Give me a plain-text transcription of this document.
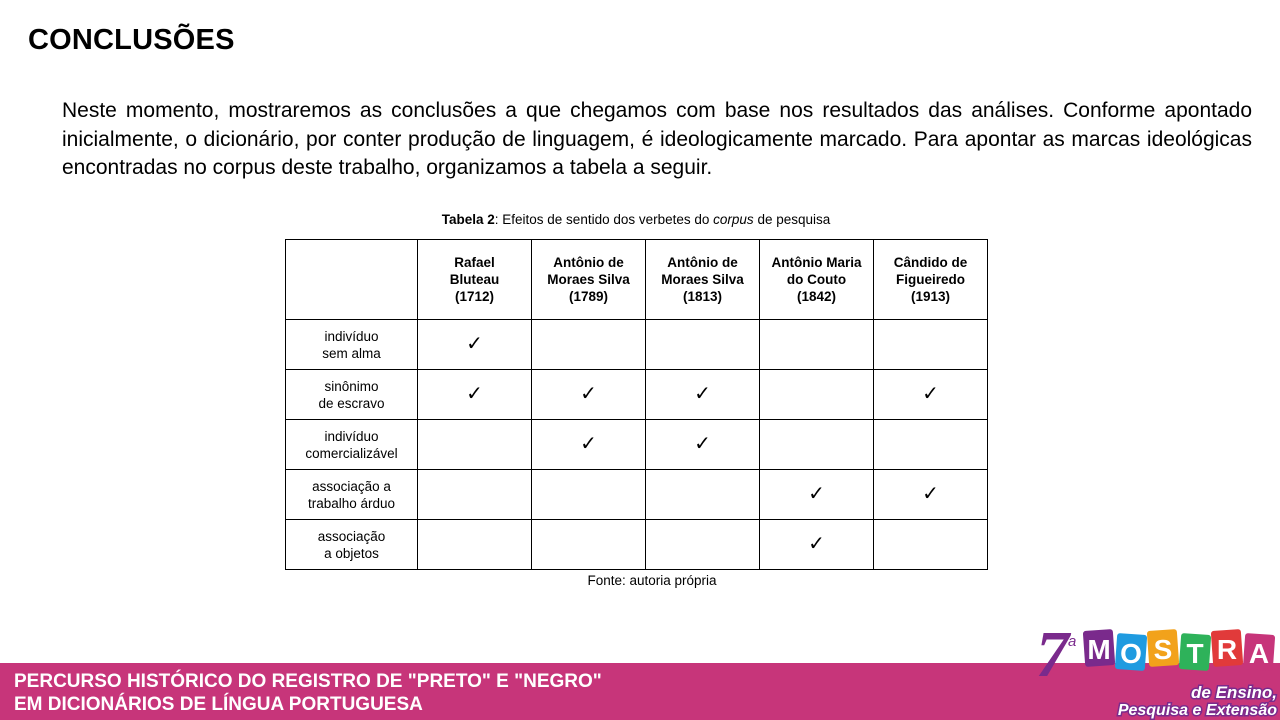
CONCLUSÕES
Neste momento, mostraremos as conclusões a que chegamos com base nos resultados das análises. Conforme apontado inicialmente, o dicionário, por conter produção de linguagem, é ideologicamente marcado. Para apontar as marcas ideológicas encontradas no corpus deste trabalho, organizamos a tabela a seguir.
Tabela 2: Efeitos de sentido dos verbetes do corpus de pesquisa
	Rafael
Bluteau
(1712)	Antônio de
Moraes Silva
(1789)	Antônio de
Moraes Silva
(1813)	Antônio Maria
do Couto
(1842)	Cândido de
Figueiredo
(1913)
indivíduo
sem alma	✓				
sinônimo
de escravo	✓	✓	✓		✓
indivíduo
comercializável		✓	✓		
associação a
trabalho árduo				✓	✓
associação
a objetos				✓	
Fonte: autoria própria
PERCURSO HISTÓRICO DO REGISTRO DE "PRETO" E "NEGRO"
EM DICIONÁRIOS DE LÍNGUA PORTUGUESA
7 a M O S T R A
de Ensino,
Pesquisa e Extensão
